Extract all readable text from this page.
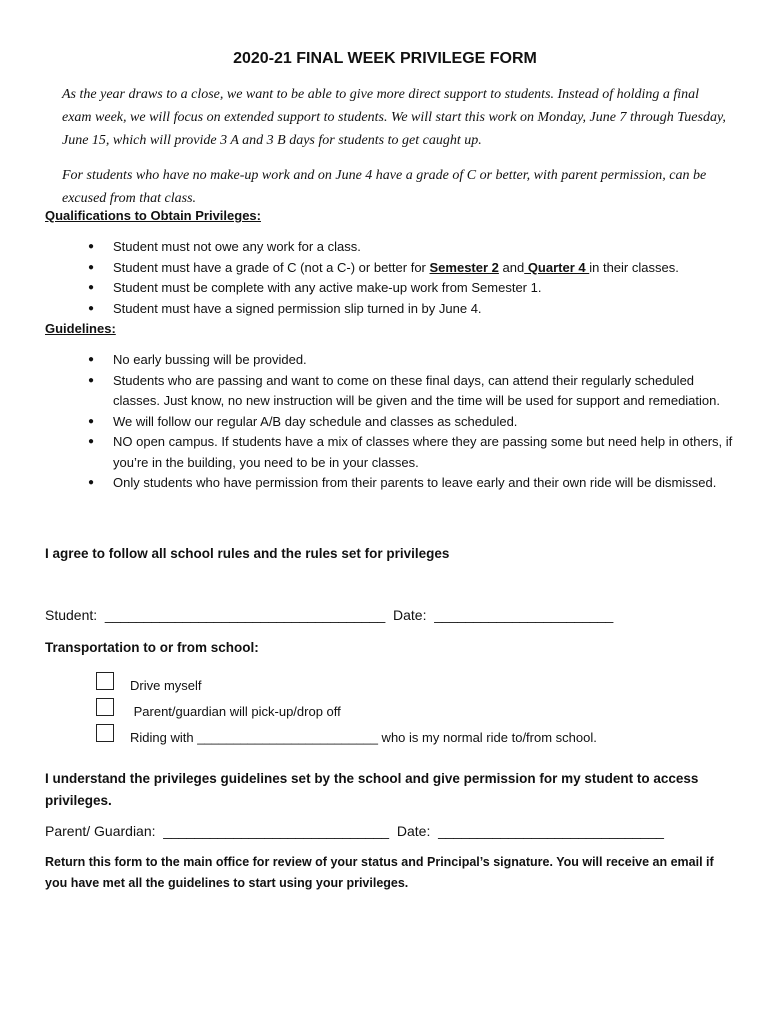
2020-21 FINAL WEEK PRIVILEGE FORM
As the year draws to a close, we want to be able to give more direct support to students. Instead of holding a final exam week, we will focus on extended support to students. We will start this work on Monday, June 7 through Tuesday, June 15, which will provide 3 A and 3 B days for students to get caught up.
For students who have no make-up work and on June 4 have a grade of C or better, with parent permission, can be excused from that class.
Qualifications to Obtain Privileges:
● Student must not owe any work for a class.
● Student must have a grade of C (not a C-) or better for Semester 2 and Quarter 4 in their classes.
● Student must be complete with any active make-up work from Semester 1.
● Student must have a signed permission slip turned in by June 4.
Guidelines:
● No early bussing will be provided.
● Students who are passing and want to come on these final days, can attend their regularly scheduled classes. Just know, no new instruction will be given and the time will be used for support and remediation.
● We will follow our regular A/B day schedule and classes as scheduled.
● NO open campus. If students have a mix of classes where they are passing some but need help in others, if you’re in the building, you need to be in your classes.
● Only students who have permission from their parents to leave early and their own ride will be dismissed.
I agree to follow all school rules and the rules set for privileges
Student:  ____________________________________  Date:  _______________________
Transportation to or from school:
Drive myself
Parent/guardian will pick-up/drop off
Riding with _________________________ who is my normal ride to/from school.
I understand the privileges guidelines set by the school and give permission for my student to access privileges.
Parent/ Guardian:  _____________________________  Date:  _____________________________
Return this form to the main office for review of your status and Principal’s signature. You will receive an email if you have met all the guidelines to start using your privileges.
